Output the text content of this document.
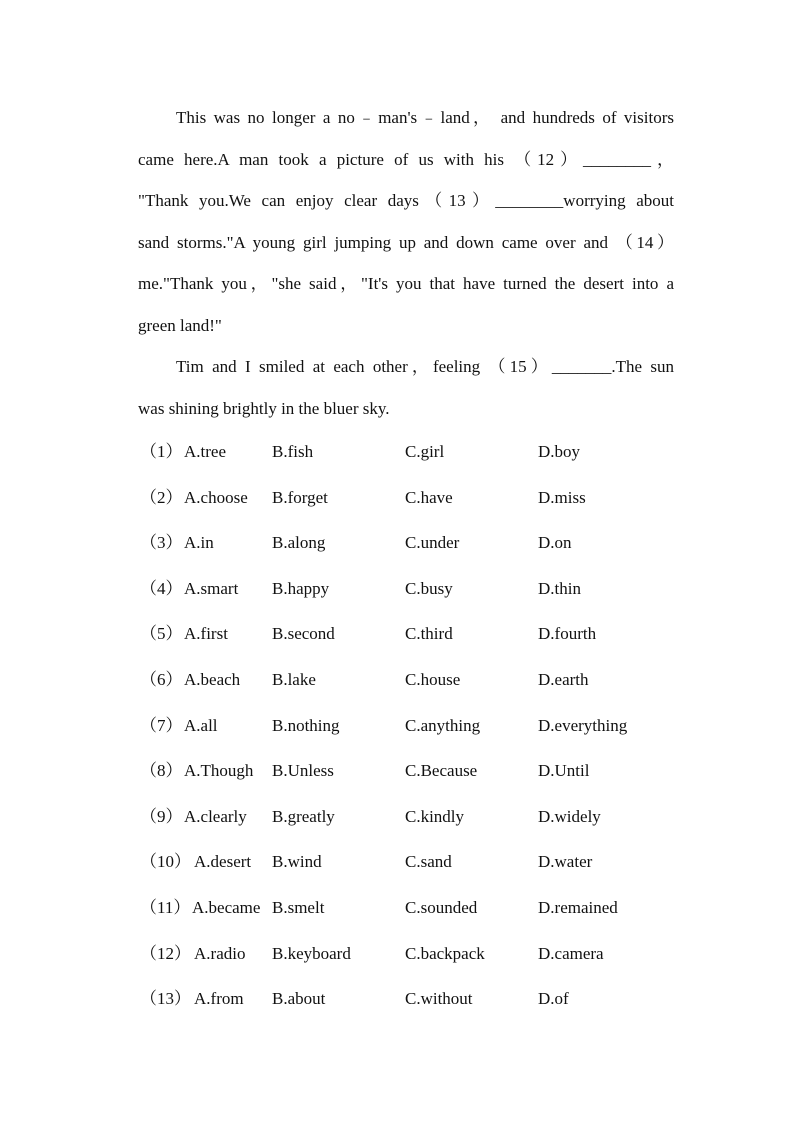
This was no longer a no﹣man's﹣land， and hundreds of visitors
came here.A man took a picture of us with his （12）________，
"Thank you.We can enjoy clear days（13）________worrying about
sand storms."A young girl jumping up and down came over and （14）
me."Thank you，"she said，"It's you that have turned the desert into a
green land!"
Tim and I smiled at each other，feeling （15）_______.The sun
was shining brightly in the bluer sky.
（1） A.tree	B.fish	C.girl	D.boy
（2） A.choose B.forget	C.have	D.miss
（3） A.in	B.along	C.under	D.on
（4） A.smart B.happy	C.busy	D.thin
（5） A.first	B.second	C.third	D.fourth
（6） A.beach B.lake	C.house	D.earth
（7） A.all	B.nothing	C.anything	D.everything
（8） A.Though B.Unless	C.Because	D.Until
（9） A.clearly B.greatly	C.kindly	D.widely
（10） A.desert B.wind	C.sand	D.water
（11） A.became B.smelt	C.sounded	D.remained
（12） A.radio B.keyboard	C.backpack	D.camera
（13） A.from B.about	C.without	D.of
